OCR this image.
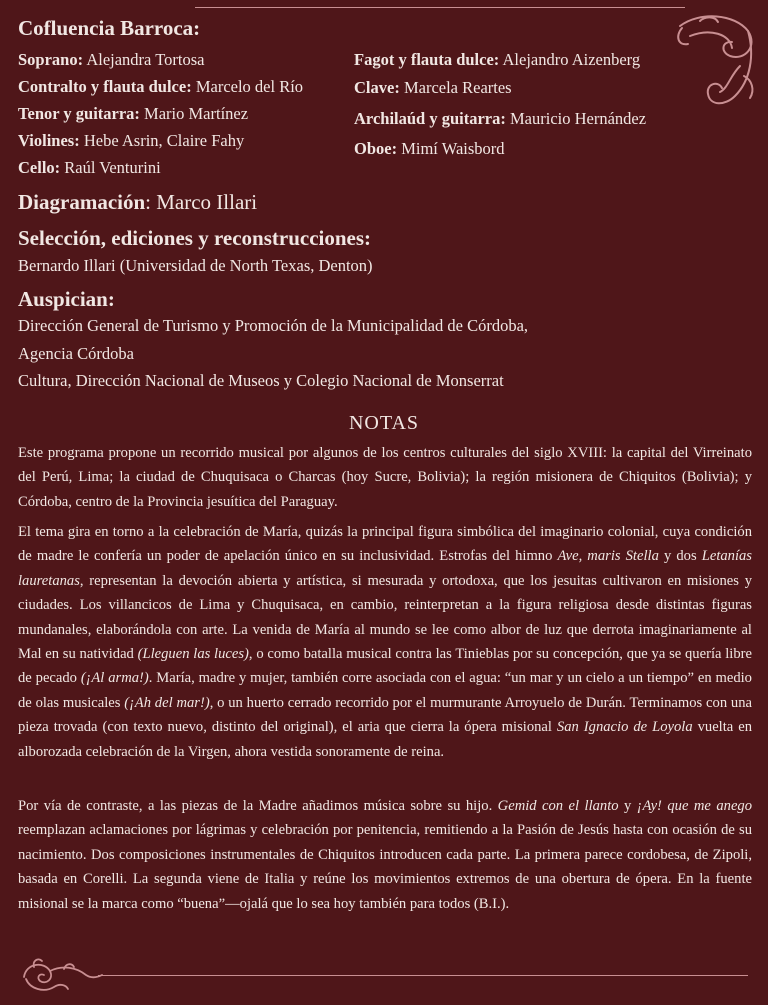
Cofluencia Barroca:
Soprano: Alejandra Tortosa
Contralto y flauta dulce: Marcelo del Río
Tenor y guitarra: Mario Martínez
Violines: Hebe Asrin, Claire Fahy
Cello: Raúl Venturini
Fagot y flauta dulce: Alejandro Aizenberg
Clave: Marcela Reartes
Archilaúd y guitarra: Mauricio Hernández
Oboe: Mimí Waisbord
Diagramación: Marco Illari
Selección, ediciones y reconstrucciones:
Bernardo Illari (Universidad de North Texas, Denton)
Auspician:
Dirección General de Turismo y Promoción de la Municipalidad de Córdoba,
Agencia Córdoba
Cultura, Dirección Nacional de Museos y Colegio Nacional de Monserrat
NOTAS

Este programa propone un recorrido musical por algunos de los centros culturales del siglo XVIII: la capital del Virreinato del Perú, Lima; la ciudad de Chuquisaca o Charcas (hoy Sucre, Bolivia); la región misionera de Chiquitos (Bolivia); y Córdoba, centro de la Provincia jesuítica del Paraguay.

El tema gira en torno a la celebración de María, quizás la principal figura simbólica del imaginario colonial, cuya condición de madre le confería un poder de apelación único en su inclusividad. Estrofas del himno Ave, maris Stella y dos Letanías lauretanas, representan la devoción abierta y artística, si mesurada y ortodoxa, que los jesuitas cultivaron en misiones y ciudades. Los villancicos de Lima y Chuquisaca, en cambio, reinterpretan a la figura religiosa desde distintas figuras mundanales, elaborándola con arte. La venida de María al mundo se lee como albor de luz que derrota imaginariamente al Mal en su natividad (Lleguen las luces), o como batalla musical contra las Tinieblas por su concepción, que ya se quería libre de pecado (¡Al arma!). María, madre y mujer, también corre asociada con el agua: “un mar y un cielo a un tiempo” en medio de olas musicales (¡Ah del mar!), o un huerto cerrado recorrido por el murmurante Arroyuelo de Durán. Terminamos con una pieza trovada (con texto nuevo, distinto del original), el aria que cierra la ópera misional San Ignacio de Loyola vuelta en alborozada celebración de la Virgen, ahora vestida sonoramente de reina.

Por vía de contraste, a las piezas de la Madre añadimos música sobre su hijo. Gemid con el llanto y ¡Ay! que me anego reemplazan aclamaciones por lágrimas y celebración por penitencia, remitiendo a la Pasión de Jesús hasta con ocasión de su nacimiento. Dos composiciones instrumentales de Chiquitos introducen cada parte. La primera parece cordobesa, de Zipoli, basada en Corelli. La segunda viene de Italia y reúne los movimientos extremos de una obertura de ópera. En la fuente misional se la marca como “buena”—ojalá que lo sea hoy también para todos (B.I.).
